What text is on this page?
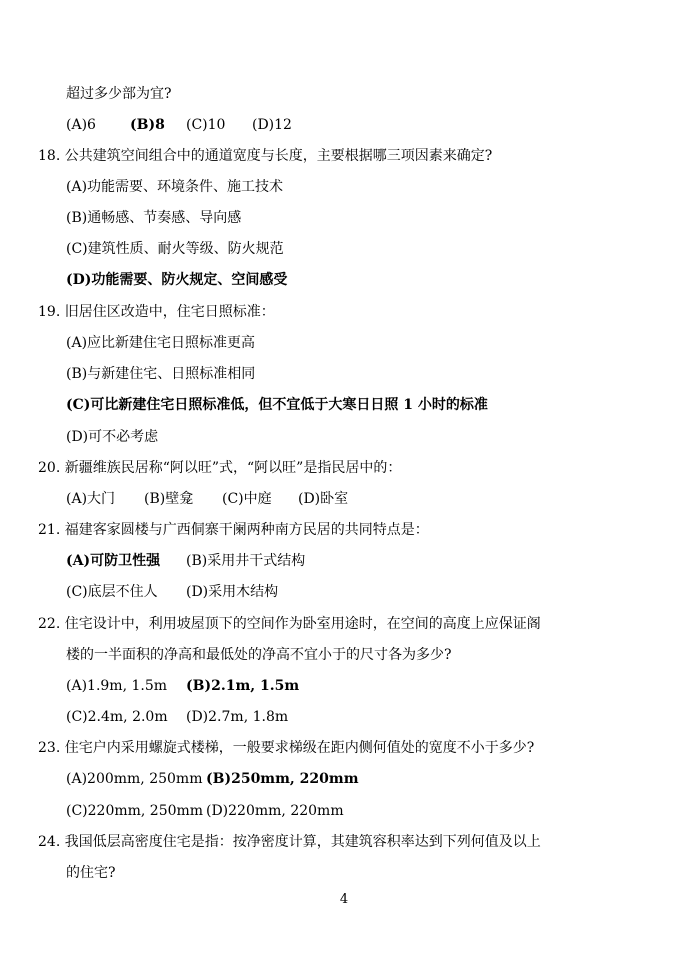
超过多少部为宜?
(A)6 (B)8 (C)10 (D)12
18. 公共建筑空间组合中的通道宽度与长度，主要根据哪三项因素来确定?
(A)功能需要、环境条件、施工技术
(B)通畅感、节奏感、导向感
(C)建筑性质、耐火等级、防火规范
(D)功能需要、防火规定、空间感受
19. 旧居住区改造中，住宅日照标准：
(A)应比新建住宅日照标准更高
(B)与新建住宅、日照标准相同
(C)可比新建住宅日照标准低，但不宜低于大寒日日照 1 小时的标准
(D)可不必考虑
20. 新疆维族民居称“阿以旺”式，“阿以旺”是指民居中的：
(A)大门 (B)壁龛 (C)中庭 (D)卧室
21. 福建客家圆楼与广西侗寨干阑两种南方民居的共同特点是：
(A)可防卫性强 (B)采用井干式结构
(C)底层不住人 (D)采用木结构
22. 住宅设计中，利用坡屋顶下的空间作为卧室用途时，在空间的高度上应保证阁
楼的一半面积的净高和最低处的净高不宜小于的尺寸各为多少?
(A)1.9m, 1.5m (B)2.1m, 1.5m
(C)2.4m, 2.0m (D)2.7m, 1.8m
23. 住宅户内采用螺旋式楼梯，一般要求梯级在距内侧何值处的宽度不小于多少?
(A)200mm, 250mm (B)250mm, 220mm
(C)220mm, 250mm (D)220mm, 220mm
24. 我国低层高密度住宅是指：按净密度计算，其建筑容积率达到下列何值及以上
的住宅?
4
